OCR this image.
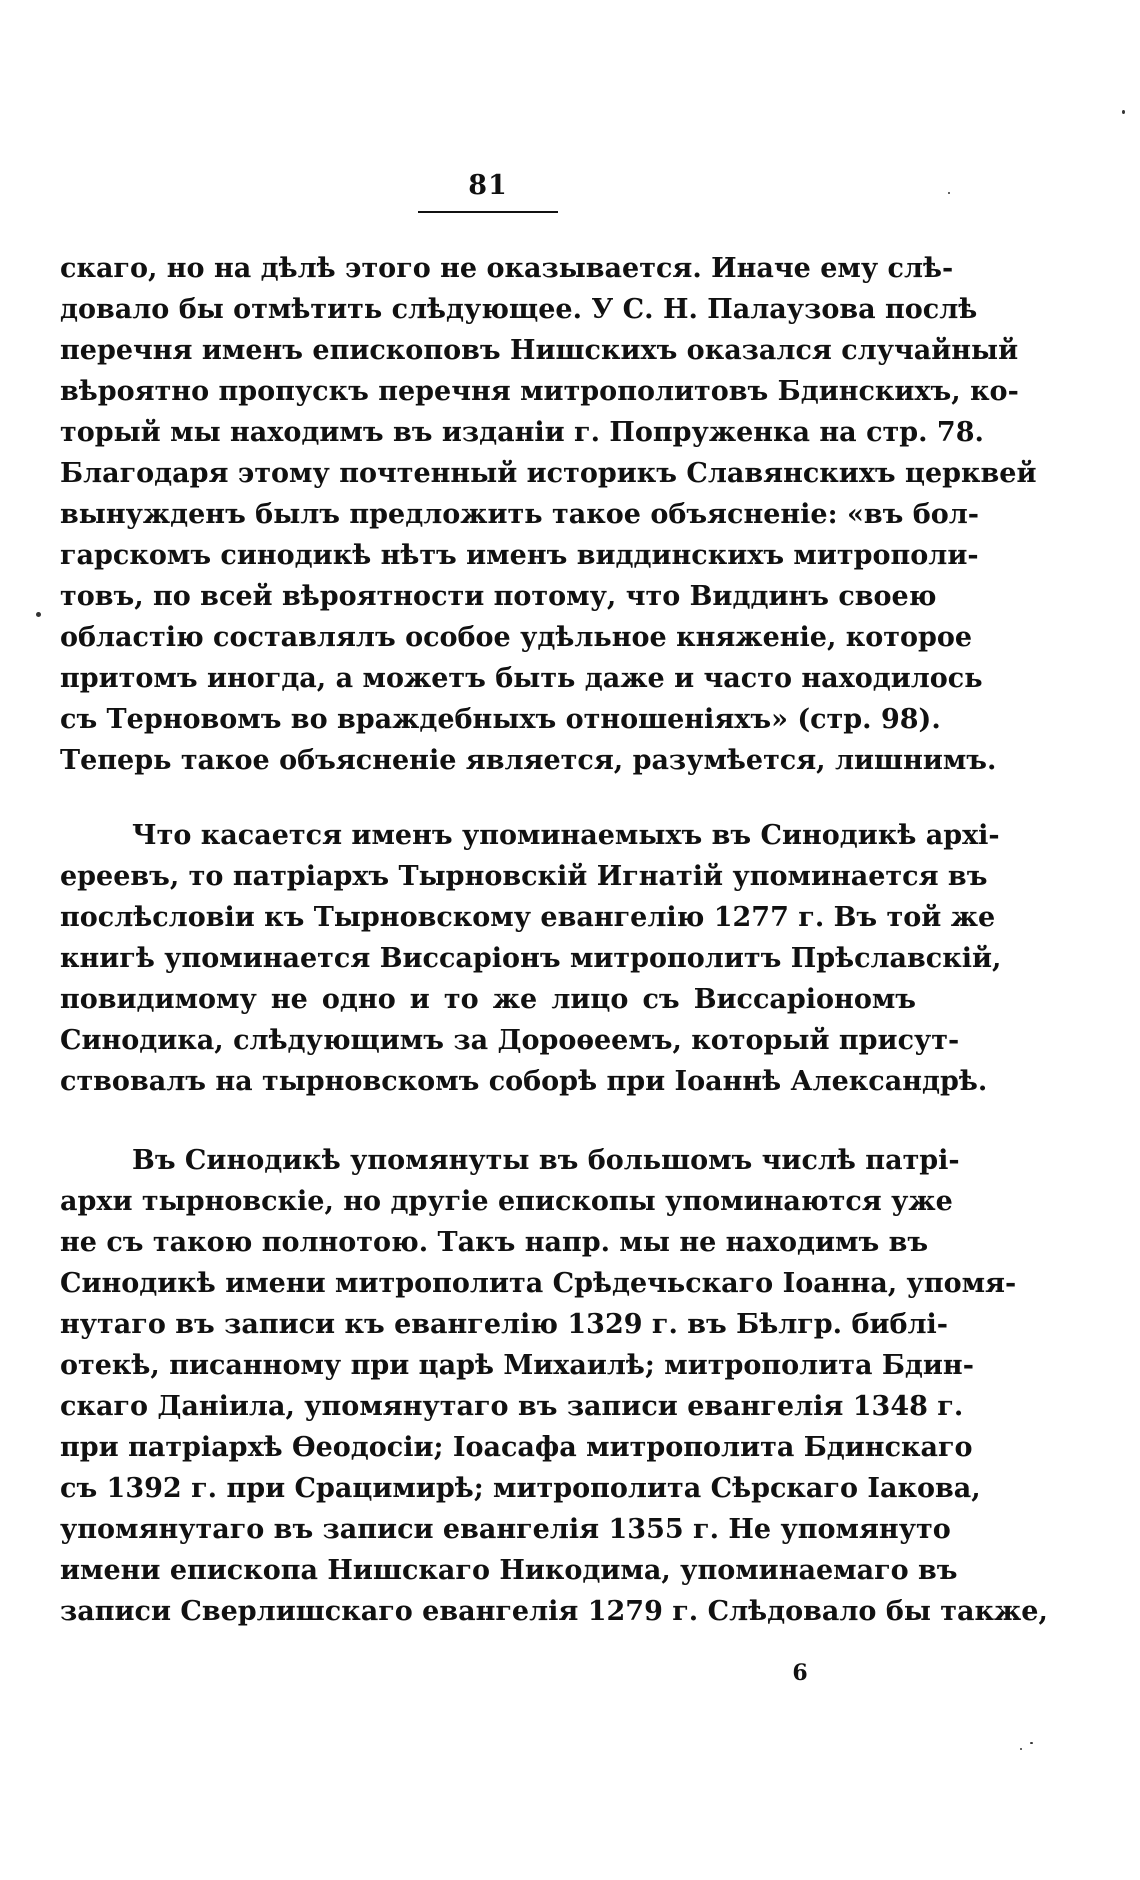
81
скаго, но на дѣлѣ этого не оказывается. Иначе ему слѣ-
довало бы отмѣтить слѣдующее. У С. Н. Палаузова послѣ
перечня именъ епископовъ Нишскихъ оказался случайный
вѣроятно пропускъ перечня митрополитовъ Бдинскихъ, ко-
торый мы находимъ въ изданіи г. Попруженка на стр. 78.
Благодаря этому почтенный историкъ Славянскихъ церквей
вынужденъ былъ предложить такое объясненіе: «въ бол-
гарскомъ синодикѣ нѣтъ именъ виддинскихъ митрополи-
товъ, по всей вѣроятности потому, что Виддинъ своею
областію составлялъ особое удѣльное княженіе, которое
притомъ иногда, а можетъ быть даже и часто находилось
съ Терновомъ во враждебныхъ отношеніяхъ» (стр. 98).
Теперь такое объясненіе является, разумѣется, лишнимъ.
Что касается именъ упоминаемыхъ въ Синодикѣ архі-
ереевъ, то патріархъ Тырновскій Игнатій упоминается въ
послѣсловіи къ Тырновскому евангелію 1277 г. Въ той же
книгѣ упоминается Виссаріонъ митрополитъ Прѣславскій,
повидимому не одно и то же лицо съ Виссаріономъ
Синодика, слѣдующимъ за Дороѳеемъ, который присут-
ствовалъ на тырновскомъ соборѣ при Іоаннѣ Александрѣ.
Въ Синодикѣ упомянуты въ большомъ числѣ патрі-
архи тырновскіе, но другіе епископы упоминаются уже
не съ такою полнотою. Такъ напр. мы не находимъ въ
Синодикѣ имени митрополита Срѣдечьскаго Іоанна, упомя-
нутаго въ записи къ евангелію 1329 г. въ Бѣлгр. библі-
отекѣ, писанному при царѣ Михаилѣ; митрополита Бдин-
скаго Даніила, упомянутаго въ записи евангелія 1348 г.
при патріархѣ Ѳеодосіи; Іоасафа митрополита Бдинскаго
съ 1392 г. при Срацимирѣ; митрополита Сѣрскаго Іакова,
упомянутаго въ записи евангелія 1355 г. Не упомянуто
имени епископа Нишскаго Никодима, упоминаемаго въ
записи Сверлишскаго евангелія 1279 г. Слѣдовало бы также,
6
